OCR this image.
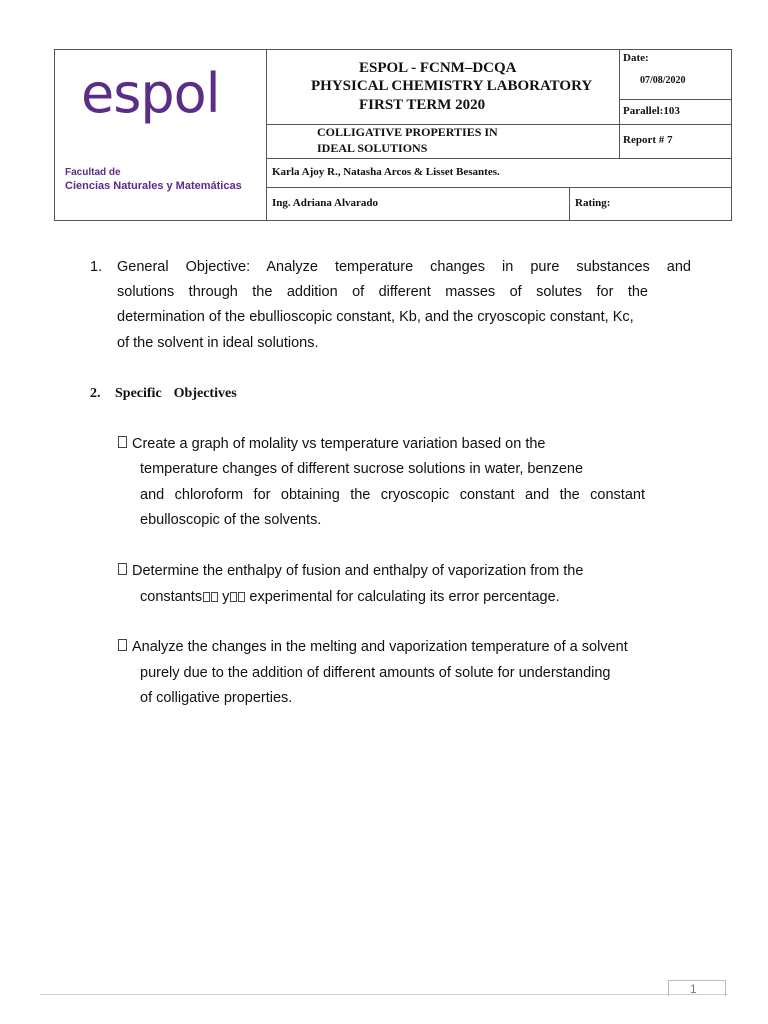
espol
Facultad de
Ciencias Naturales y Matemáticas
ESPOL - FCNM–DCQA
PHYSICAL CHEMISTRY LABORATORY
FIRST TERM 2020
Date:
07/08/2020
Parallel:103
COLLIGATIVE PROPERTIES IN
IDEAL SOLUTIONS
Report # 7
Karla Ajoy R., Natasha Arcos & Lisset Besantes.
Ing. Adriana Alvarado	Rating:
1. General Objective: Analyze temperature changes in pure substances and
solutions through the addition of different masses of solutes for the
determination of the ebullioscopic constant, Kb, and the cryoscopic constant, Kc,
of the solvent in ideal solutions.
2. Specific Objectives
Create a graph of molality vs temperature variation based on the
temperature changes of different sucrose solutions in water, benzene
and chloroform for obtaining the cryoscopic constant and the constant
ebulloscopic of the solvents.
Determine the enthalpy of fusion and enthalpy of vaporization from the
constants y experimental for calculating its error percentage.
Analyze the changes in the melting and vaporization temperature of a solvent
purely due to the addition of different amounts of solute for understanding
of colligative properties.
1
